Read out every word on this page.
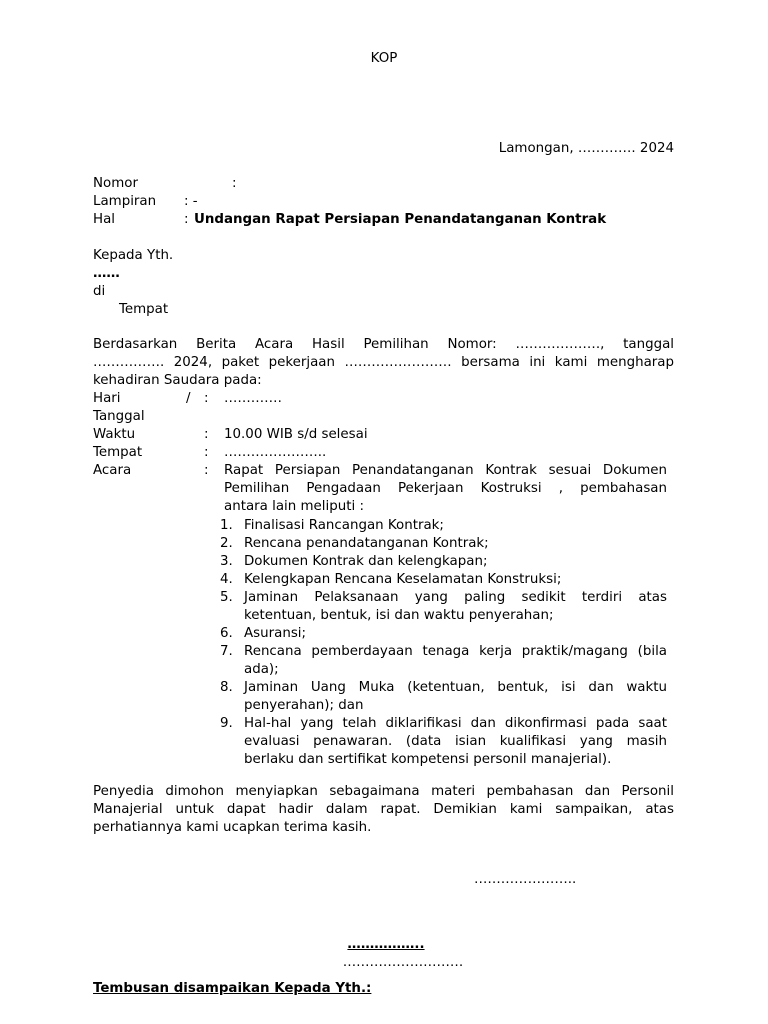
KOP
Lamongan, …………. 2024
Nomor	:
Lampiran : -
Hal	: Undangan Rapat Persiapan Penandatanganan Kontrak
Kepada Yth.
……
di
Tempat
Berdasarkan Berita Acara Hasil Pemilihan Nomor: ………………., tanggal
……………. 2024, paket pekerjaan …………………… bersama ini kami mengharap
kehadiran Saudara pada:
Hari	/ : ………….
Tanggal
Waktu	: 10.00 WIB s/d selesai
Tempat	: …………………..
Acara	: Rapat Persiapan Penandatanganan Kontrak sesuai Dokumen
Pemilihan Pengadaan Pekerjaan Kostruksi , pembahasan
antara lain meliputi :
1. Finalisasi Rancangan Kontrak;
2. Rencana penandatanganan Kontrak;
3. Dokumen Kontrak dan kelengkapan;
4. Kelengkapan Rencana Keselamatan Konstruksi;
5. Jaminan Pelaksanaan yang paling sedikit terdiri atas
ketentuan, bentuk, isi dan waktu penyerahan;
6. Asuransi;
7. Rencana pemberdayaan tenaga kerja praktik/magang (bila
ada);
8. Jaminan Uang Muka (ketentuan, bentuk, isi dan waktu
penyerahan); dan
9. Hal-hal yang telah diklarifikasi dan dikonfirmasi pada saat
evaluasi penawaran. (data isian kualifikasi yang masih
berlaku dan sertifikat kompetensi personil manajerial).
Penyedia dimohon menyiapkan sebagaimana materi pembahasan dan Personil
Manajerial untuk dapat hadir dalam rapat. Demikian kami sampaikan, atas
perhatiannya kami ucapkan terima kasih.
…………………..
……………..
………………………
Tembusan disampaikan Kepada Yth.:
